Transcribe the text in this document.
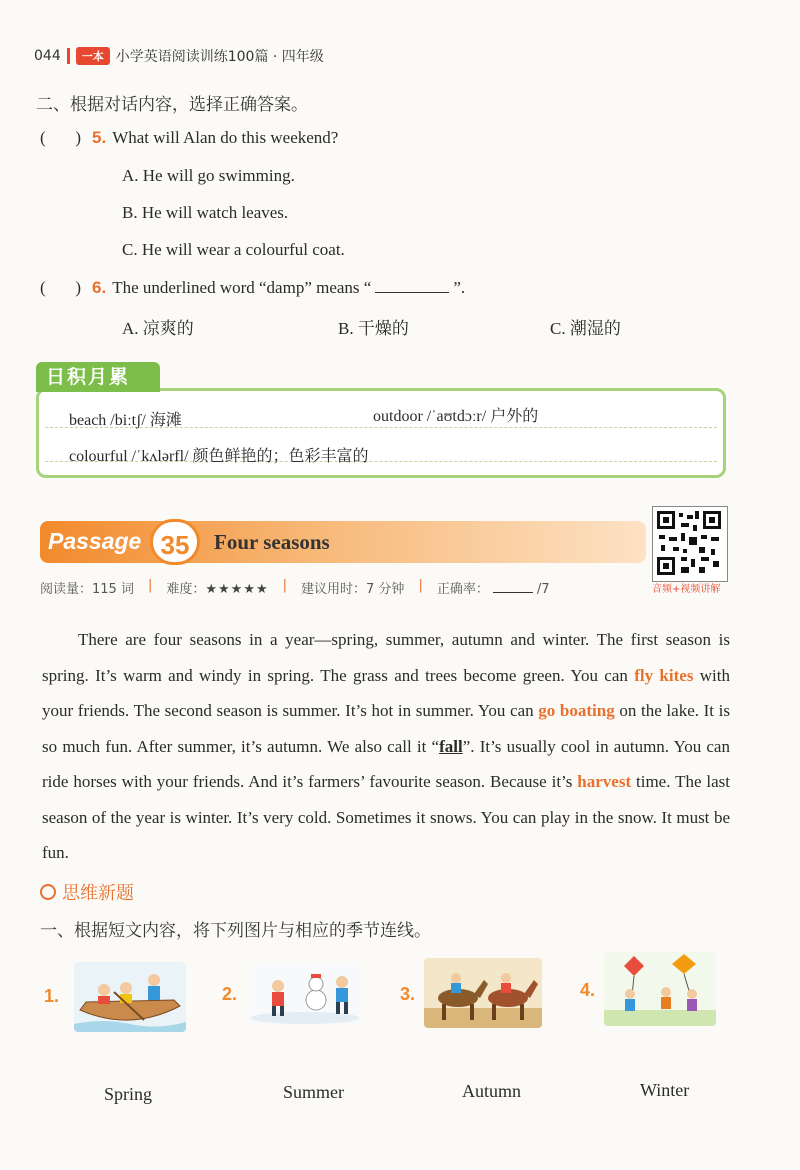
044	一本 小学英语阅读训练100篇 · 四年级
二、根据对话内容，选择正确答案。
(       ) 5. What will Alan do this weekend?
A. He will go swimming.
B. He will watch leaves.
C. He will wear a colourful coat.
(       ) 6. The underlined word “damp” means “	”.
A. 凉爽的	B. 干燥的	C. 潮湿的
beach /biːtʃ/ 海滩	outdoor /ˈaʊtdɔːr/ 户外的
colourful /ˈkʌlərfl/ 颜色鲜艳的；色彩丰富的
日积月累
Passage 35	Four seasons
音频+视频讲解
阅读量：115 词 | 难度：★★★★★ | 建议用时：7 分钟 | 正确率：	/7
There are four seasons in a year—spring, summer, autumn and winter. The first season is spring. It’s warm and windy in spring. The grass and trees become green. You can fly kites with your friends. The second season is summer. It’s hot in summer. You can go boating on the lake. It is so much fun. After summer, it’s autumn. We also call it “fall”. It’s usually cool in autumn. You can ride horses with your friends. And it’s farmers’ favourite season. Because it’s harvest time. The last season of the year is winter. It’s very cold. Sometimes it snows. You can play in the snow. It must be fun.
思维新题
一、根据短文内容，将下列图片与相应的季节连线。
1.	2.	3.	4.
Spring	Summer	Autumn	Winter
